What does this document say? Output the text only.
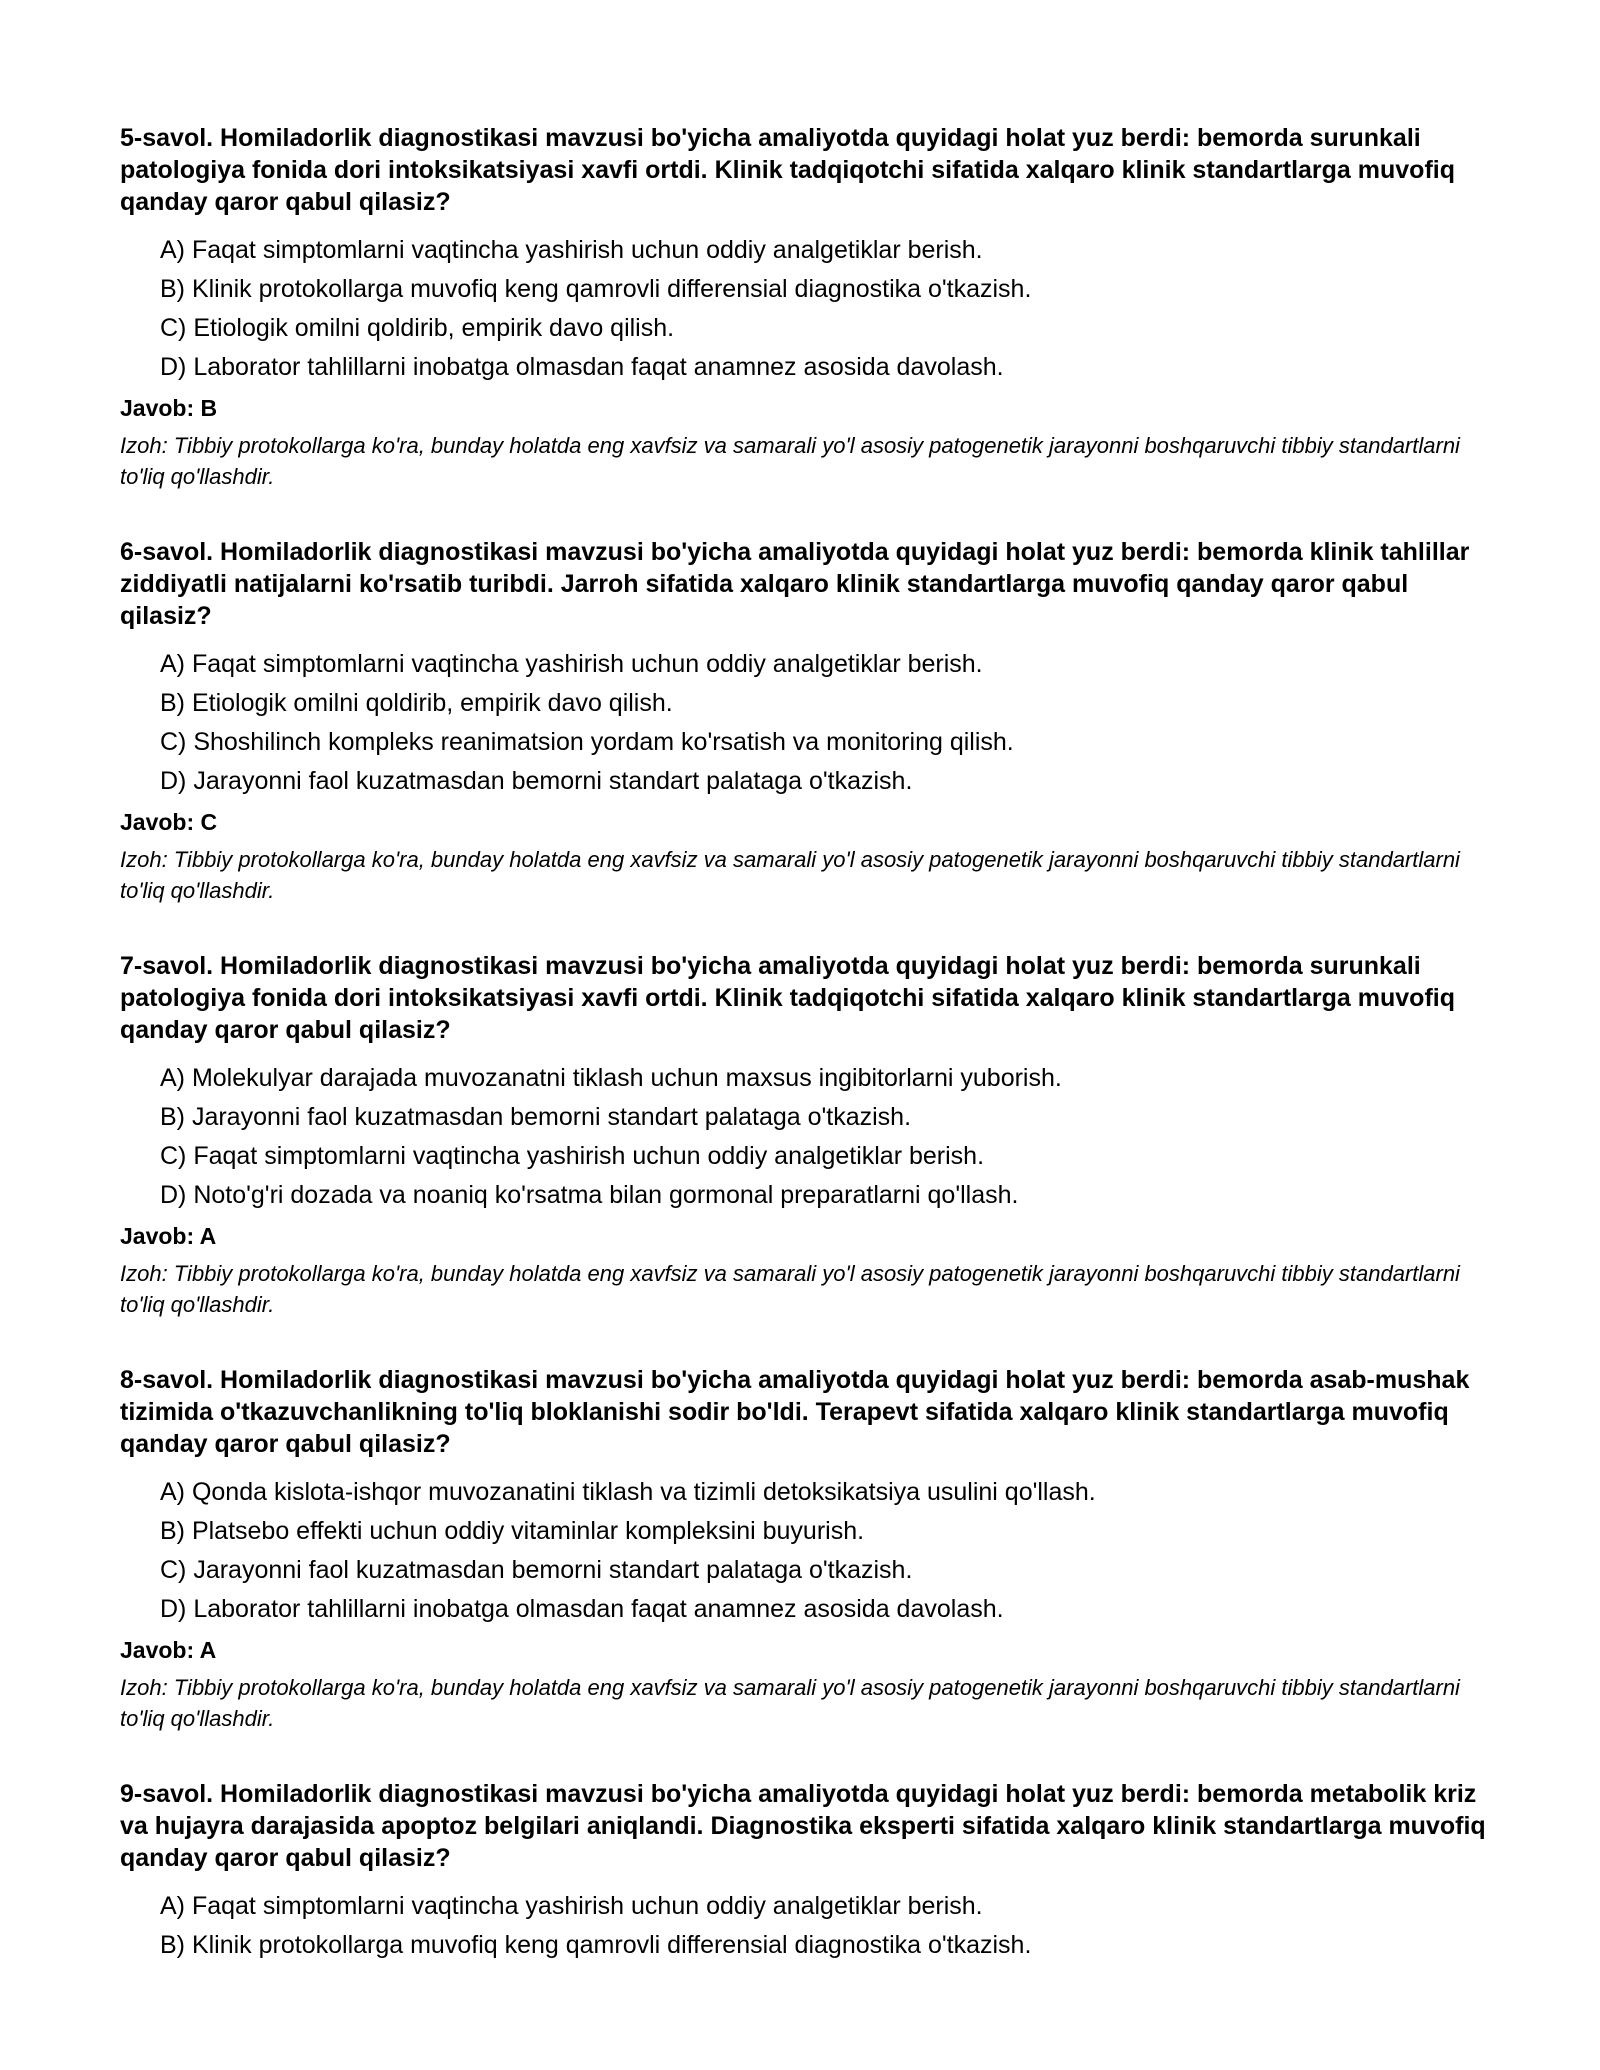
5-savol. Homiladorlik diagnostikasi mavzusi bo'yicha amaliyotda quyidagi holat yuz berdi: bemorda surunkali patologiya fonida dori intoksikatsiyasi xavfi ortdi. Klinik tadqiqotchi sifatida xalqaro klinik standartlarga muvofiq qanday qaror qabul qilasiz?
A) Faqat simptomlarni vaqtincha yashirish uchun oddiy analgetiklar berish.
B) Klinik protokollarga muvofiq keng qamrovli differensial diagnostika o'tkazish.
C) Etiologik omilni qoldirib, empirik davo qilish.
D) Laborator tahlillarni inobatga olmasdan faqat anamnez asosida davolash.
Javob: B
Izoh: Tibbiy protokollarga ko'ra, bunday holatda eng xavfsiz va samarali yo'l asosiy patogenetik jarayonni boshqaruvchi tibbiy standartlarni to'liq qo'llashdir.
6-savol. Homiladorlik diagnostikasi mavzusi bo'yicha amaliyotda quyidagi holat yuz berdi: bemorda klinik tahlillar ziddiyatli natijalarni ko'rsatib turibdi. Jarroh sifatida xalqaro klinik standartlarga muvofiq qanday qaror qabul qilasiz?
A) Faqat simptomlarni vaqtincha yashirish uchun oddiy analgetiklar berish.
B) Etiologik omilni qoldirib, empirik davo qilish.
C) Shoshilinch kompleks reanimatsion yordam ko'rsatish va monitoring qilish.
D) Jarayonni faol kuzatmasdan bemorni standart palataga o'tkazish.
Javob: C
Izoh: Tibbiy protokollarga ko'ra, bunday holatda eng xavfsiz va samarali yo'l asosiy patogenetik jarayonni boshqaruvchi tibbiy standartlarni to'liq qo'llashdir.
7-savol. Homiladorlik diagnostikasi mavzusi bo'yicha amaliyotda quyidagi holat yuz berdi: bemorda surunkali patologiya fonida dori intoksikatsiyasi xavfi ortdi. Klinik tadqiqotchi sifatida xalqaro klinik standartlarga muvofiq qanday qaror qabul qilasiz?
A) Molekulyar darajada muvozanatni tiklash uchun maxsus ingibitorlarni yuborish.
B) Jarayonni faol kuzatmasdan bemorni standart palataga o'tkazish.
C) Faqat simptomlarni vaqtincha yashirish uchun oddiy analgetiklar berish.
D) Noto'g'ri dozada va noaniq ko'rsatma bilan gormonal preparatlarni qo'llash.
Javob: A
Izoh: Tibbiy protokollarga ko'ra, bunday holatda eng xavfsiz va samarali yo'l asosiy patogenetik jarayonni boshqaruvchi tibbiy standartlarni to'liq qo'llashdir.
8-savol. Homiladorlik diagnostikasi mavzusi bo'yicha amaliyotda quyidagi holat yuz berdi: bemorda asab-mushak tizimida o'tkazuvchanlikning to'liq bloklanishi sodir bo'ldi. Terapevt sifatida xalqaro klinik standartlarga muvofiq qanday qaror qabul qilasiz?
A) Qonda kislota-ishqor muvozanatini tiklash va tizimli detoksikatsiya usulini qo'llash.
B) Platsebo effekti uchun oddiy vitaminlar kompleksini buyurish.
C) Jarayonni faol kuzatmasdan bemorni standart palataga o'tkazish.
D) Laborator tahlillarni inobatga olmasdan faqat anamnez asosida davolash.
Javob: A
Izoh: Tibbiy protokollarga ko'ra, bunday holatda eng xavfsiz va samarali yo'l asosiy patogenetik jarayonni boshqaruvchi tibbiy standartlarni to'liq qo'llashdir.
9-savol. Homiladorlik diagnostikasi mavzusi bo'yicha amaliyotda quyidagi holat yuz berdi: bemorda metabolik kriz va hujayra darajasida apoptoz belgilari aniqlandi. Diagnostika eksperti sifatida xalqaro klinik standartlarga muvofiq qanday qaror qabul qilasiz?
A) Faqat simptomlarni vaqtincha yashirish uchun oddiy analgetiklar berish.
B) Klinik protokollarga muvofiq keng qamrovli differensial diagnostika o'tkazish.
